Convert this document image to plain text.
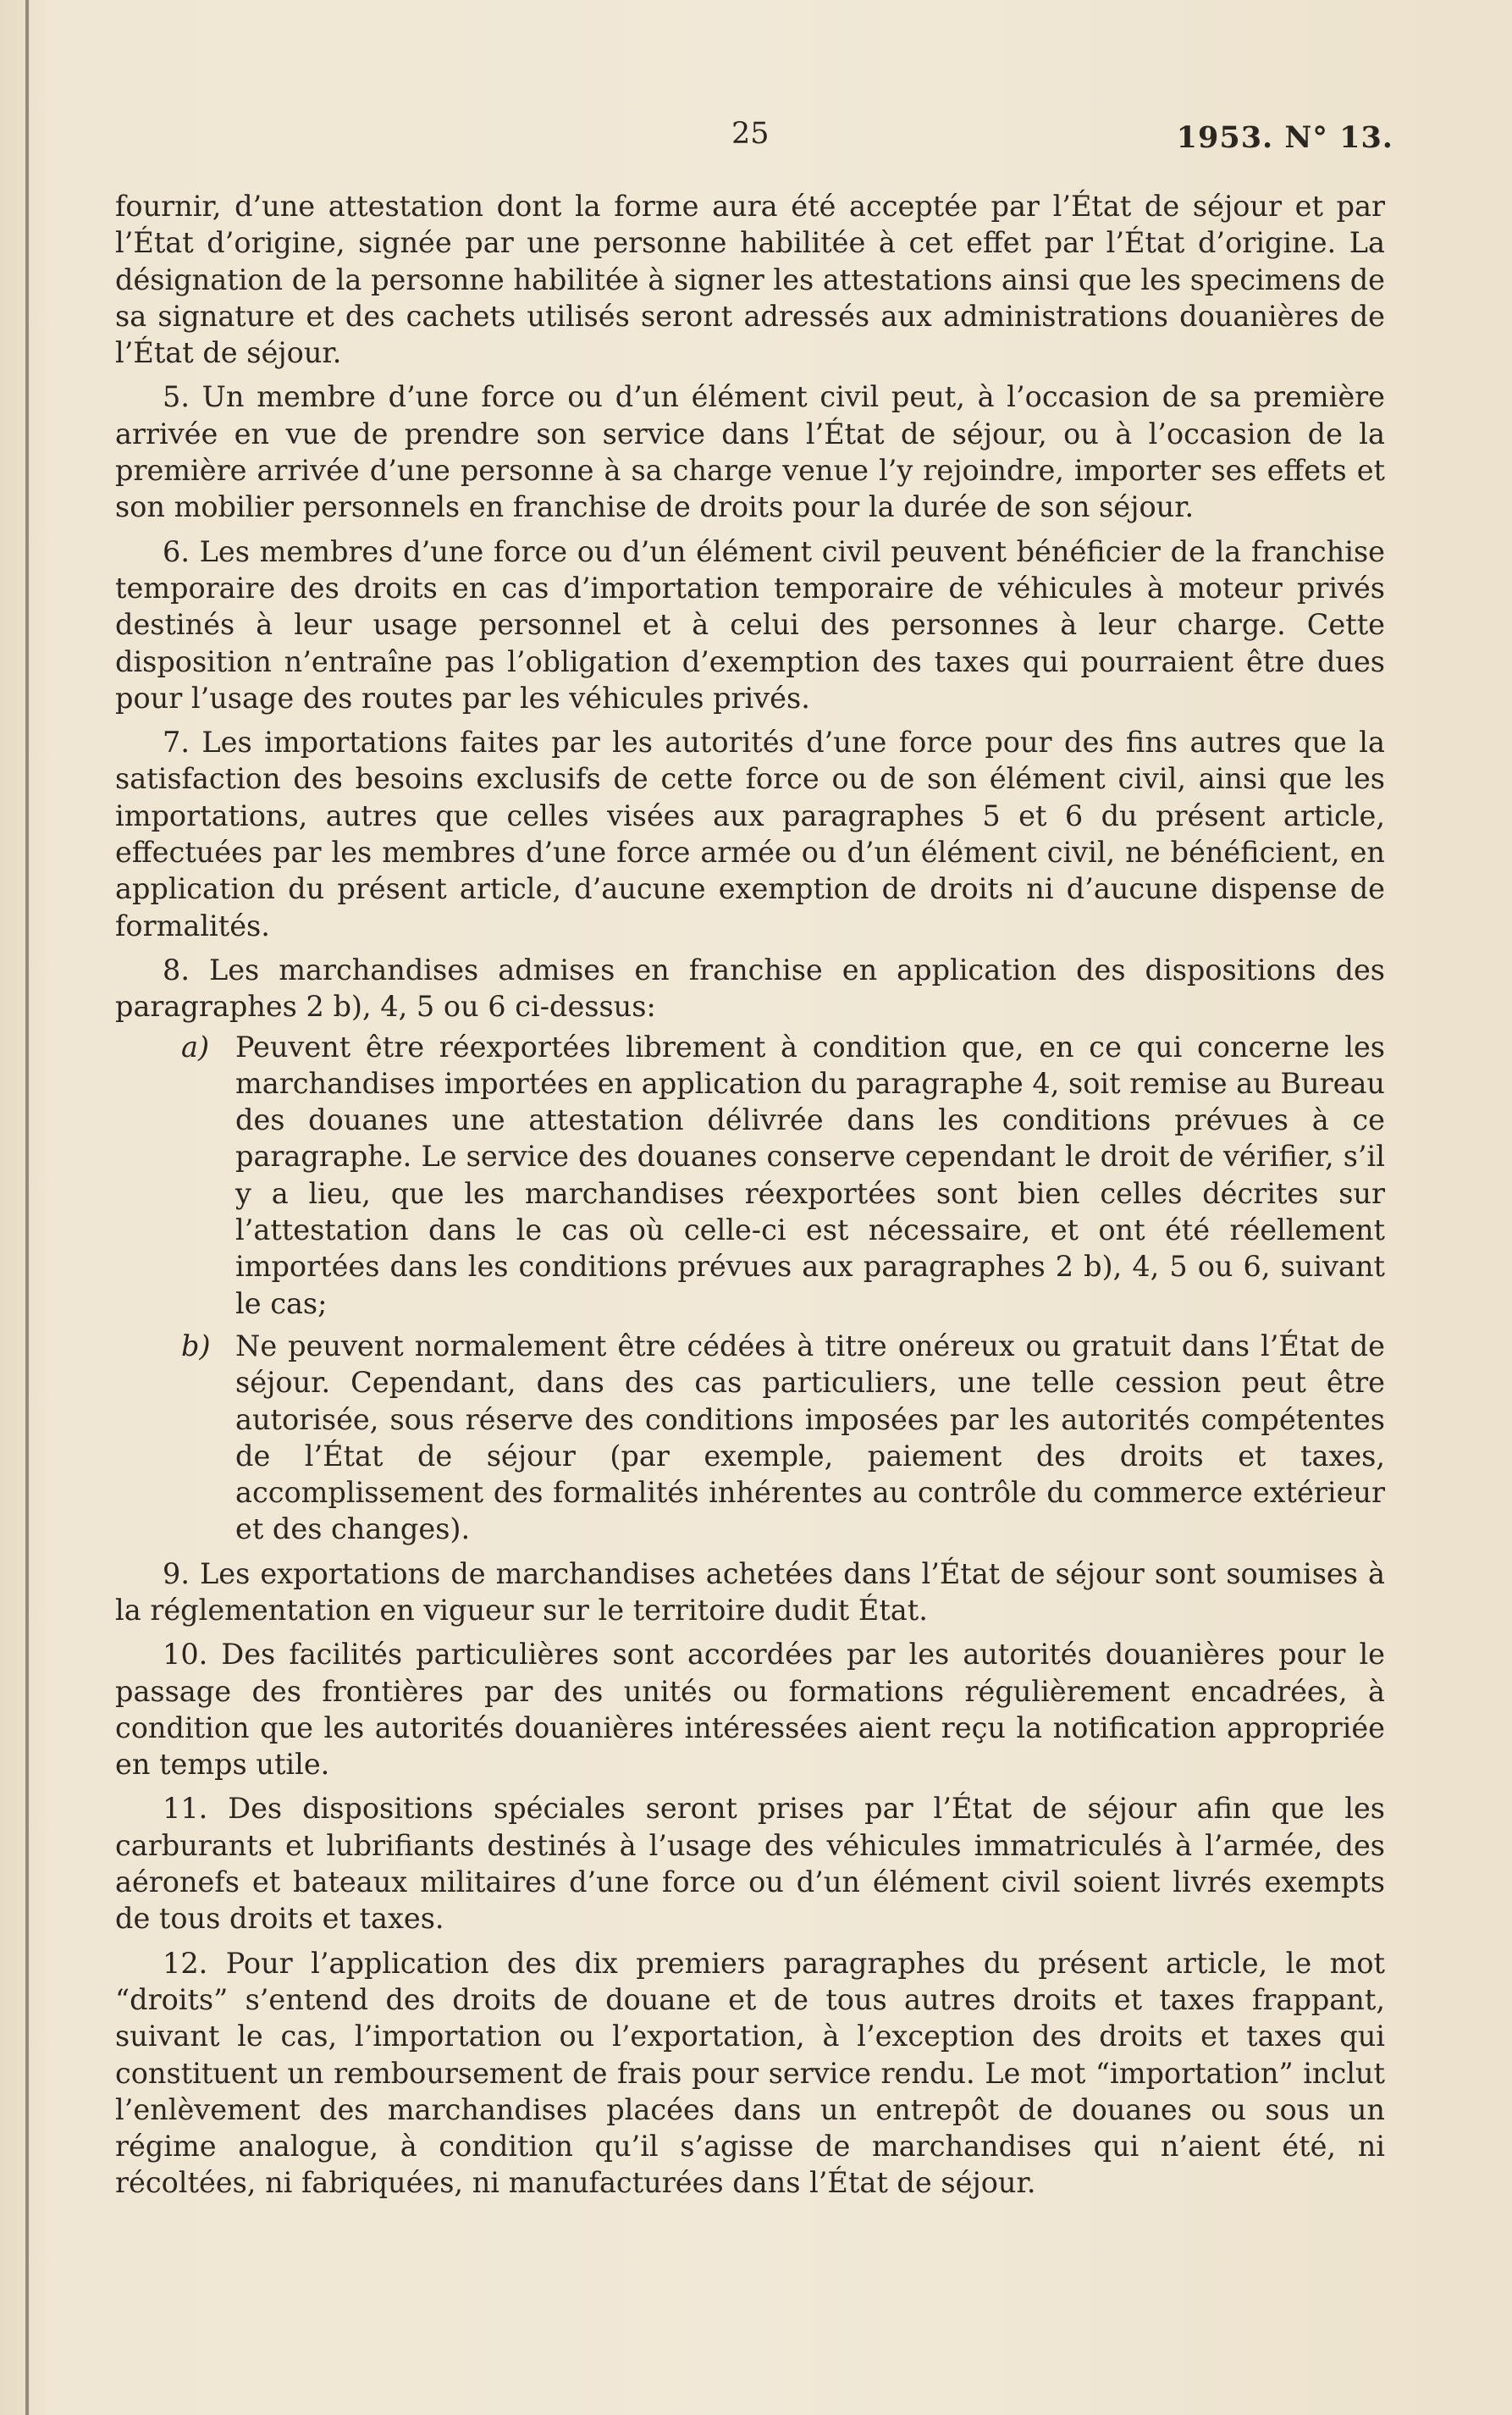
25	1953. N° 13.

fournir, d’une attestation dont la forme aura été acceptée par l’État de séjour et par l’État d’origine, signée par une personne habilitée à cet effet par l’État d’origine. La désignation de la personne habilitée à signer les attestations ainsi que les specimens de sa signature et des cachets utilisés seront adressés aux administrations douanières de l’État de séjour.

5. Un membre d’une force ou d’un élément civil peut, à l’occasion de sa première arrivée en vue de prendre son service dans l’État de séjour, ou à l’occasion de la première arrivée d’une personne à sa charge venue l’y rejoindre, importer ses effets et son mobilier personnels en franchise de droits pour la durée de son séjour.

6. Les membres d’une force ou d’un élément civil peuvent bénéficier de la franchise temporaire des droits en cas d’importation temporaire de véhicules à moteur privés destinés à leur usage personnel et à celui des personnes à leur charge. Cette disposition n’entraîne pas l’obligation d’exemption des taxes qui pourraient être dues pour l’usage des routes par les véhicules privés.

7. Les importations faites par les autorités d’une force pour des fins autres que la satisfaction des besoins exclusifs de cette force ou de son élément civil, ainsi que les importations, autres que celles visées aux paragraphes 5 et 6 du présent article, effectuées par les membres d’une force armée ou d’un élément civil, ne bénéficient, en application du présent article, d’aucune exemption de droits ni d’aucune dispense de formalités.

8. Les marchandises admises en franchise en application des dispositions des paragraphes 2 b), 4, 5 ou 6 ci-dessus:

a) Peuvent être réexportées librement à condition que, en ce qui concerne les marchandises importées en application du paragraphe 4, soit remise au Bureau des douanes une attestation délivrée dans les conditions prévues à ce paragraphe. Le service des douanes conserve cependant le droit de vérifier, s’il y a lieu, que les marchandises réexportées sont bien celles décrites sur l’attestation dans le cas où celle-ci est nécessaire, et ont été réellement importées dans les conditions prévues aux paragraphes 2 b), 4, 5 ou 6, suivant le cas;
b) Ne peuvent normalement être cédées à titre onéreux ou gratuit dans l’État de séjour. Cependant, dans des cas particuliers, une telle cession peut être autorisée, sous réserve des conditions imposées par les autorités compétentes de l’État de séjour (par exemple, paiement des droits et taxes, accomplissement des formalités inhérentes au contrôle du commerce extérieur et des changes).

9. Les exportations de marchandises achetées dans l’État de séjour sont soumises à la réglementation en vigueur sur le territoire dudit État.

10. Des facilités particulières sont accordées par les autorités douanières pour le passage des frontières par des unités ou formations régulièrement encadrées, à condition que les autorités douanières intéressées aient reçu la notification appropriée en temps utile.

11. Des dispositions spéciales seront prises par l’État de séjour afin que les carburants et lubrifiants destinés à l’usage des véhicules immatriculés à l’armée, des aéronefs et bateaux militaires d’une force ou d’un élément civil soient livrés exempts de tous droits et taxes.

12. Pour l’application des dix premiers paragraphes du présent article, le mot “droits” s’entend des droits de douane et de tous autres droits et taxes frappant, suivant le cas, l’importation ou l’exportation, à l’exception des droits et taxes qui constituent un remboursement de frais pour service rendu. Le mot “importation” inclut l’enlèvement des marchandises placées dans un entrepôt de douanes ou sous un régime analogue, à condition qu’il s’agisse de marchandises qui n’aient été, ni récoltées, ni fabriquées, ni manufacturées dans l’État de séjour.
